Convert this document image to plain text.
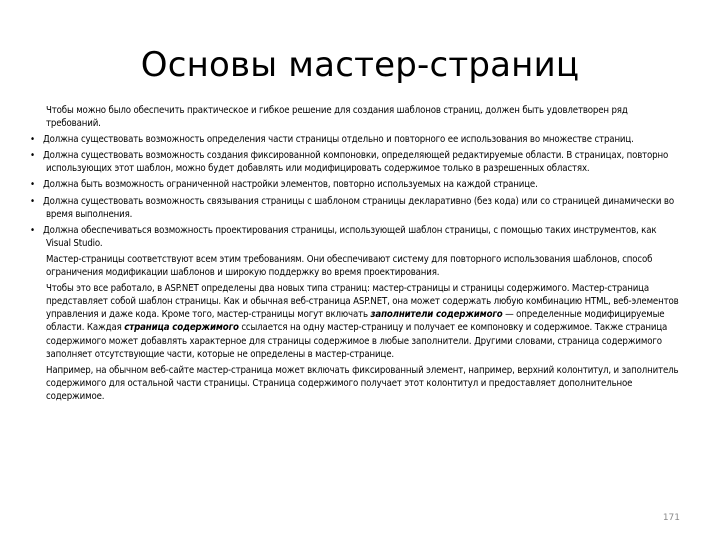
Основы мастер-страниц

Чтобы можно было обеспечить практическое и гибкое решение для создания шаблонов страниц, должен быть удовлетворен ряд требований.

• Должна существовать возможность определения части страницы отдельно и повторного ее использования во множестве страниц.

• Должна существовать возможность создания фиксированной компоновки, определяющей редактируемые области. В страницах, повторно использующих этот шаблон, можно будет добавлять или модифицировать содержимое только в разрешенных областях.

• Должна быть возможность ограниченной настройки элементов, повторно используемых на каждой странице.

• Должна существовать возможность связывания страницы с шаблоном страницы декларативно (без кода) или со страницей динамически во время выполнения.

• Должна обеспечиваться возможность проектирования страницы, использующей шаблон страницы, с помощью таких инструментов, как Visual Studio.

Мастер-страницы соответствуют всем этим требованиям. Они обеспечивают систему для повторного использования шаблонов, способ ограничения модификации шаблонов и широкую поддержку во время проектирования.

Чтобы это все работало, в ASP.NET определены два новых типа страниц: мастер-страницы и страницы содержимого. Мастер-страница представляет собой шаблон страницы. Как и обычная веб-страница ASP.NET, она может содержать любую комбинацию HTML, веб-элементов управления и даже кода. Кроме того, мастер-страницы могут включать заполнители содержимого — определенные модифицируемые области. Каждая страница содержимого ссылается на одну мастер-страницу и получает ее компоновку и содержимое. Также страница содержимого может добавлять характерное для страницы содержимое в любые заполнители. Другими словами, страница содержимого заполняет отсутствующие части, которые не определены в мастер-странице.

Например, на обычном веб-сайте мастер-страница может включать фиксированный элемент, например, верхний колонтитул, и заполнитель содержимого для остальной части страницы. Страница содержимого получает этот колонтитул и предоставляет дополнительное содержимое.

171
